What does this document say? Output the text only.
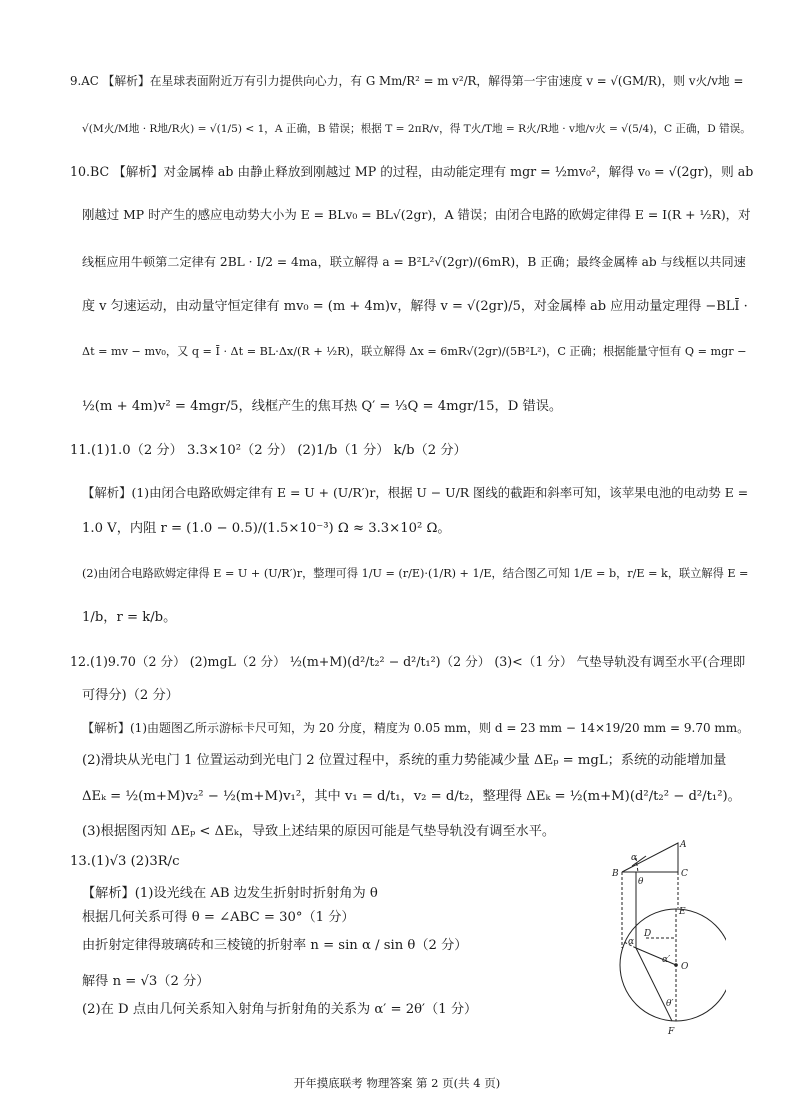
9.AC 【解析】在星球表面附近万有引力提供向心力，有 G Mm/R² = m v²/R，解得第一宇宙速度 v = √(GM/R)，则 v火/v地 =
√(M火/M地 · R地/R火) = √(1/5) < 1，A 正确，B 错误；根据 T = 2πR/v，得 T火/T地 = R火/R地 · v地/v火 = √(5/4)，C 正确，D 错误。
10.BC 【解析】对金属棒 ab 由静止释放到刚越过 MP 的过程，由动能定理有 mgr = ½mv₀²，解得 v₀ = √(2gr)，则 ab
刚越过 MP 时产生的感应电动势大小为 E = BLv₀ = BL√(2gr)，A 错误；由闭合电路的欧姆定律得 E = I(R + ½R)，对
线框应用牛顿第二定律有 2BL · I/2 = 4ma，联立解得 a = B²L²√(2gr)/(6mR)，B 正确；最终金属棒 ab 与线框以共同速
度 v 匀速运动，由动量守恒定律有 mv₀ = (m + 4m)v，解得 v = √(2gr)/5，对金属棒 ab 应用动量定理得 −BLĪ ·
Δt = mv − mv₀，又 q = Ī · Δt = BL·Δx/(R + ½R)，联立解得 Δx = 6mR√(2gr)/(5B²L²)，C 正确；根据能量守恒有 Q = mgr −
½(m + 4m)v² = 4mgr/5，线框产生的焦耳热 Q′ = ⅓Q = 4mgr/15，D 错误。
11.(1)1.0（2 分） 3.3×10²（2 分） (2)1/b（1 分） k/b（2 分）
【解析】(1)由闭合电路欧姆定律有 E = U + (U/R′)r，根据 U − U/R 图线的截距和斜率可知，该苹果电池的电动势 E =
1.0 V，内阻 r = (1.0 − 0.5)/(1.5×10⁻³) Ω ≈ 3.3×10² Ω。
(2)由闭合电路欧姆定律得 E = U + (U/R′)r，整理可得 1/U = (r/E)·(1/R) + 1/E，结合图乙可知 1/E = b，r/E = k，联立解得 E =
1/b，r = k/b。
12.(1)9.70（2 分） (2)mgL（2 分） ½(m+M)(d²/t₂² − d²/t₁²)（2 分） (3)<（1 分） 气垫导轨没有调至水平(合理即
可得分)（2 分）
【解析】(1)由题图乙所示游标卡尺可知，为 20 分度，精度为 0.05 mm，则 d = 23 mm − 14×19/20 mm = 9.70 mm。
(2)滑块从光电门 1 位置运动到光电门 2 位置过程中，系统的重力势能减少量 ΔEₚ = mgL；系统的动能增加量
ΔEₖ = ½(m+M)v₂² − ½(m+M)v₁²，其中 v₁ = d/t₁，v₂ = d/t₂，整理得 ΔEₖ = ½(m+M)(d²/t₂² − d²/t₁²)。
(3)根据图丙知 ΔEₚ < ΔEₖ，导致上述结果的原因可能是气垫导轨没有调至水平。
13.(1)√3 (2)3R/c
【解析】(1)设光线在 AB 边发生折射时折射角为 θ
根据几何关系可得 θ = ∠ABC = 30°（1 分）
由折射定律得玻璃砖和三棱镜的折射率 n = sin α / sin θ（2 分）
解得 n = √3（2 分）
(2)在 D 点由几何关系知入射角与折射角的关系为 α′ = 2θ′（1 分）
A
B	C
E
D
O
F
α
θ
α
α′
θ′
开年摸底联考 物理答案 第 2 页(共 4 页)
